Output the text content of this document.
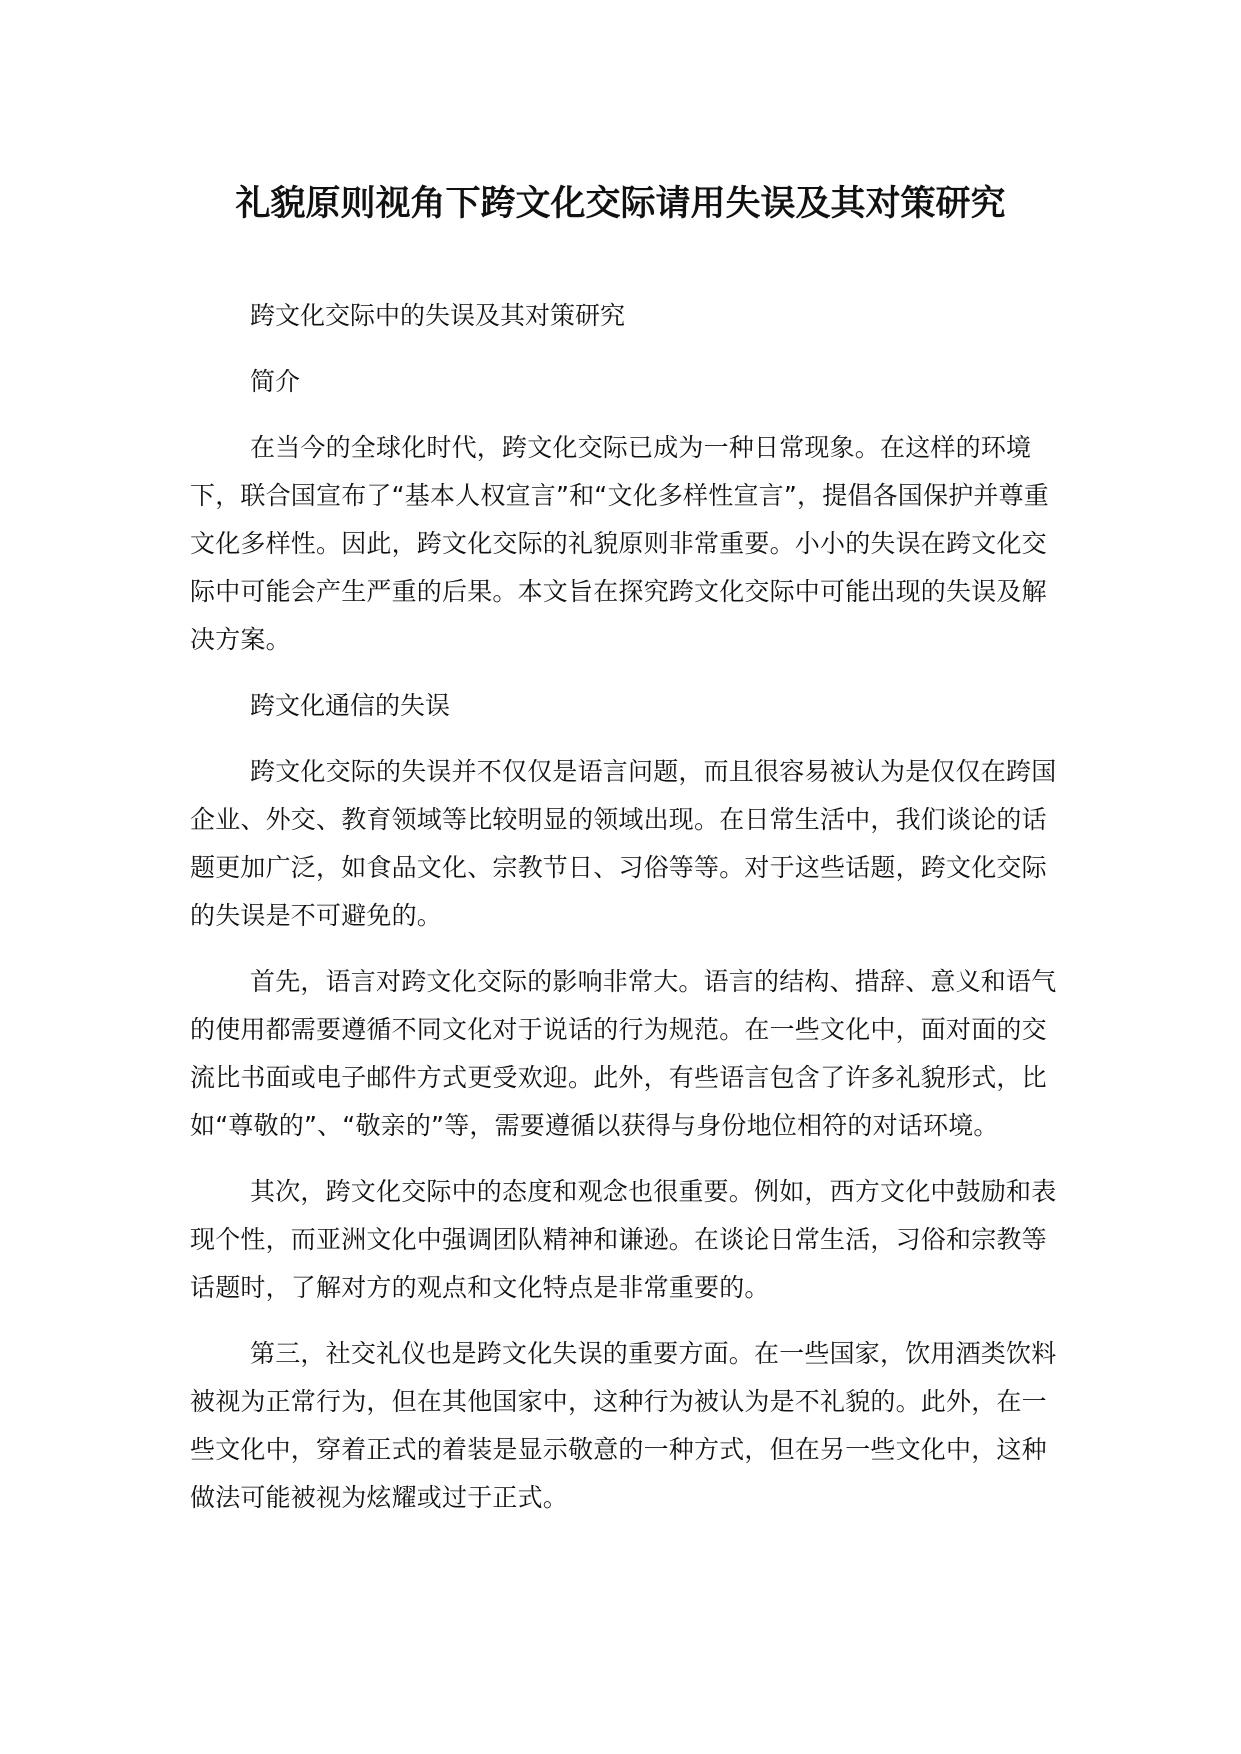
礼貌原则视角下跨文化交际请用失误及其对策研究

跨文化交际中的失误及其对策研究

简介

在当今的全球化时代，跨文化交际已成为一种日常现象。在这样的环境下，联合国宣布了“基本人权宣言”和“文化多样性宣言”，提倡各国保护并尊重文化多样性。因此，跨文化交际的礼貌原则非常重要。小小的失误在跨文化交际中可能会产生严重的后果。本文旨在探究跨文化交际中可能出现的失误及解决方案。

跨文化通信的失误

跨文化交际的失误并不仅仅是语言问题，而且很容易被认为是仅仅在跨国企业、外交、教育领域等比较明显的领域出现。在日常生活中，我们谈论的话题更加广泛，如食品文化、宗教节日、习俗等等。对于这些话题，跨文化交际的失误是不可避免的。

首先，语言对跨文化交际的影响非常大。语言的结构、措辞、意义和语气的使用都需要遵循不同文化对于说话的行为规范。在一些文化中，面对面的交流比书面或电子邮件方式更受欢迎。此外，有些语言包含了许多礼貌形式，比如“尊敬的”、“敬亲的”等，需要遵循以获得与身份地位相符的对话环境。

其次，跨文化交际中的态度和观念也很重要。例如，西方文化中鼓励和表现个性，而亚洲文化中强调团队精神和谦逊。在谈论日常生活，习俗和宗教等话题时，了解对方的观点和文化特点是非常重要的。

第三，社交礼仪也是跨文化失误的重要方面。在一些国家，饮用酒类饮料被视为正常行为，但在其他国家中，这种行为被认为是不礼貌的。此外，在一些文化中，穿着正式的着装是显示敬意的一种方式，但在另一些文化中，这种做法可能被视为炫耀或过于正式。
